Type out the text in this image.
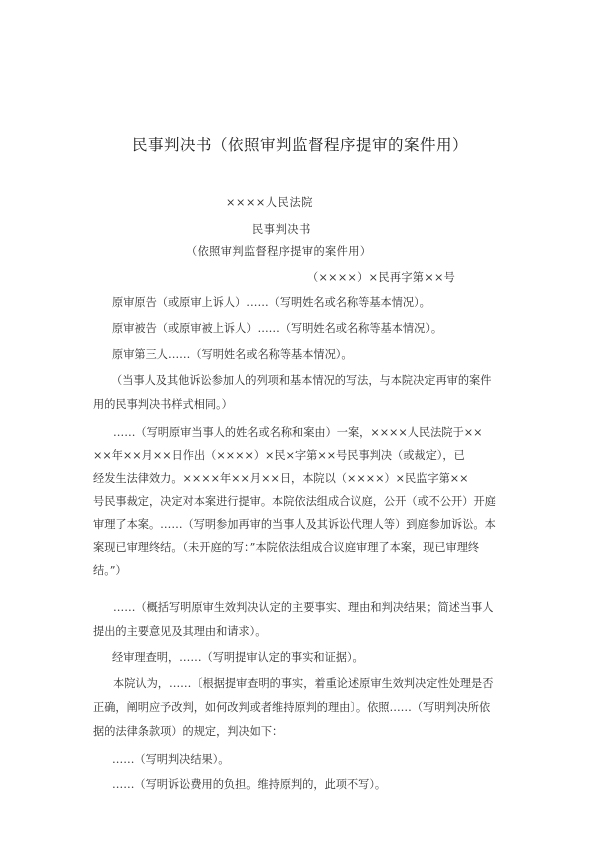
民事判决书（依照审判监督程序提审的案件用）
××××人民法院
民事判决书
（依照审判监督程序提审的案件用）
（××××）×民再字第××号
原审原告（或原审上诉人）……（写明姓名或名称等基本情况）。
原审被告（或原审被上诉人）……（写明姓名或名称等基本情况）。
原审第三人……（写明姓名或名称等基本情况）。
（当事人及其他诉讼参加人的列项和基本情况的写法，与本院决定再审的案件
用的民事判决书样式相同。）
……（写明原审当事人的姓名或名称和案由）一案，××××人民法院于××
××年××月××日作出（××××）×民×字第××号民事判决（或裁定），已
经发生法律效力。××××年××月××日，本院以（××××）×民监字第××
号民事裁定，决定对本案进行提审。本院依法组成合议庭，公开（或不公开）开庭
审理了本案。……（写明参加再审的当事人及其诉讼代理人等）到庭参加诉讼。本
案现已审理终结。（未开庭的写：”本院依法组成合议庭审理了本案，现已审理终
结。”）
……（概括写明原审生效判决认定的主要事实、理由和判决结果；简述当事人
提出的主要意见及其理由和请求）。
经审理查明，……（写明提审认定的事实和证据）。
本院认为，……〔根据提审查明的事实，着重论述原审生效判决定性处理是否
正确，阐明应予改判，如何改判或者维持原判的理由〕。依照……（写明判决所依
据的法律条款项）的规定，判决如下：
……（写明判决结果）。
……（写明诉讼费用的负担。维持原判的，此项不写）。
